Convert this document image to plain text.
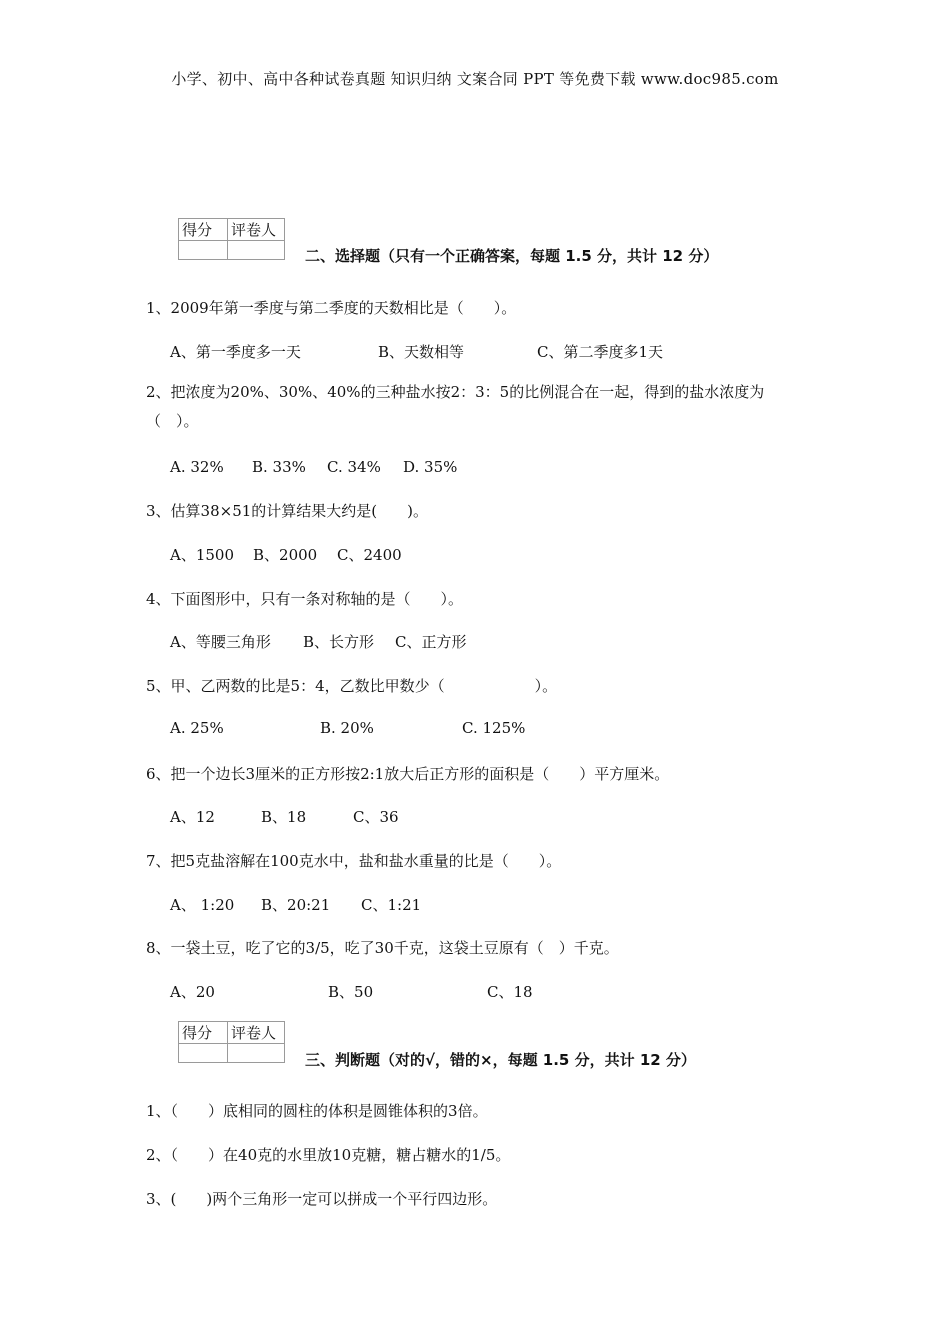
小学、初中、高中各种试卷真题 知识归纳 文案合同 PPT 等免费下载 www.doc985.com
得分	评卷人

二、选择题（只有一个正确答案，每题 1.5 分，共计 12 分）
1、2009年第一季度与第二季度的天数相比是（　　）。
A、第一季度多一天	B、天数相等	C、第二季度多1天
2、把浓度为20%、30%、40%的三种盐水按2：3：5的比例混合在一起，得到的盐水浓度为（　）。
A. 32% B. 33% C. 34% D. 35%
3、估算38×51的计算结果大约是(　　)。
A、1500 B、2000 C、2400
4、下面图形中，只有一条对称轴的是（　　）。
A、等腰三角形 B、长方形 C、正方形
5、甲、乙两数的比是5：4，乙数比甲数少（　　　　　　）。
A. 25%	B. 20%	C. 125%
6、把一个边长3厘米的正方形按2:1放大后正方形的面积是（　　）平方厘米。
A、12	B、18	C、36
7、把5克盐溶解在100克水中，盐和盐水重量的比是（　　）。
A、 1:20 B、20:21 C、1:21
8、一袋土豆，吃了它的3/5，吃了30千克，这袋土豆原有（　）千克。
A、20	B、50	C、18
得分	评卷人

三、判断题（对的√，错的×，每题 1.5 分，共计 12 分）
1、（　　）底相同的圆柱的体积是圆锥体积的3倍。
2、（　　）在40克的水里放10克糖，糖占糖水的1/5。
3、(　　)两个三角形一定可以拼成一个平行四边形。
